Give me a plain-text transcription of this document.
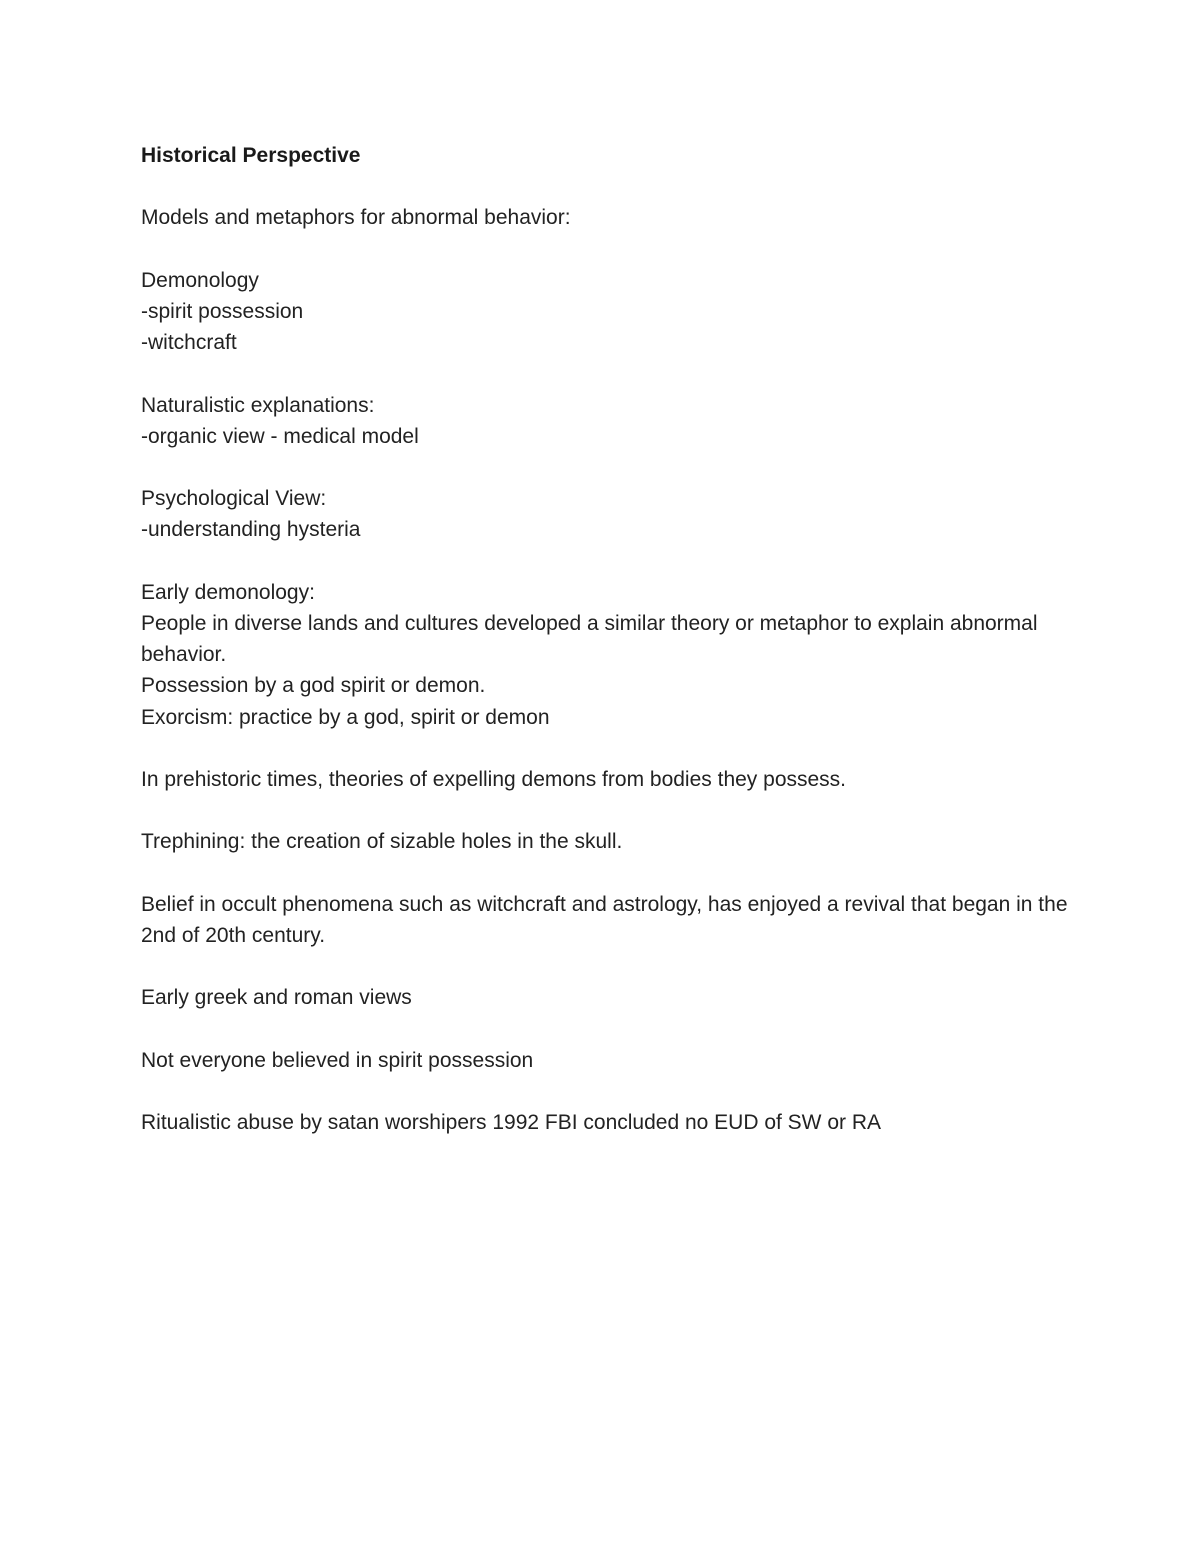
Historical Perspective

Models and metaphors for abnormal behavior:

Demonology

-spirit possession

-witchcraft

Naturalistic explanations:

-organic view - medical model

Psychological View:

-understanding hysteria

Early demonology:

People in diverse lands and cultures developed a similar theory or metaphor to explain abnormal behavior.

Possession by a god spirit or demon.

Exorcism: practice by a god, spirit or demon

In prehistoric times, theories of expelling demons from bodies they possess.

Trephining: the creation of sizable holes in the skull.

Belief in occult phenomena such as witchcraft and astrology, has enjoyed a revival that began in the 2nd of 20th century.

Early greek and roman views

Not everyone believed in spirit possession

Ritualistic abuse by satan worshipers 1992 FBI concluded no EUD of SW or RA
